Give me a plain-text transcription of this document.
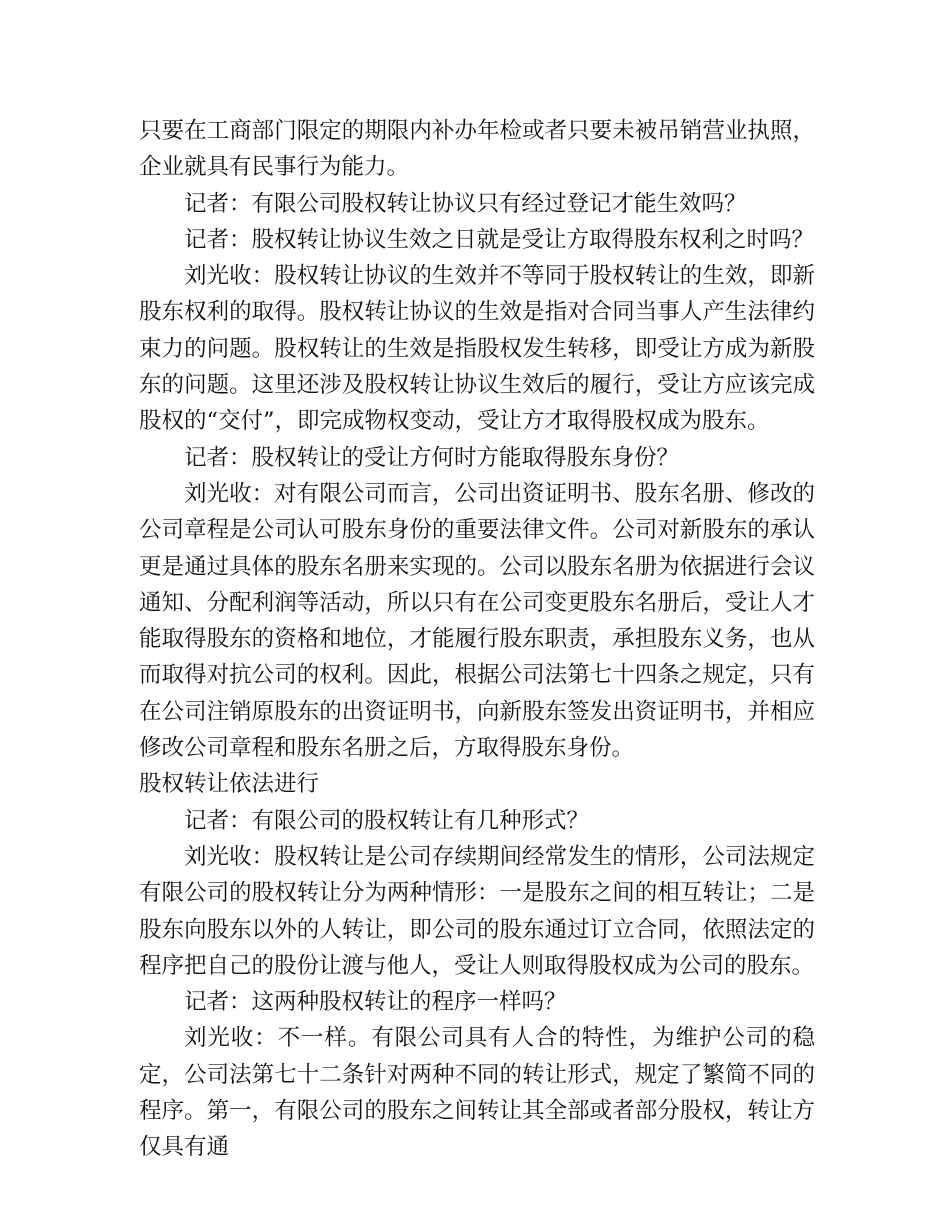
只要在工商部门限定的期限内补办年检或者只要未被吊销营业执照，企业就具有民事行为能力。

记者：有限公司股权转让协议只有经过登记才能生效吗？

记者：股权转让协议生效之日就是受让方取得股东权利之时吗？

刘光收：股权转让协议的生效并不等同于股权转让的生效，即新股东权利的取得。股权转让协议的生效是指对合同当事人产生法律约束力的问题。股权转让的生效是指股权发生转移，即受让方成为新股东的问题。这里还涉及股权转让协议生效后的履行，受让方应该完成股权的“交付”，即完成物权变动，受让方才取得股权成为股东。

记者：股权转让的受让方何时方能取得股东身份？

刘光收：对有限公司而言，公司出资证明书、股东名册、修改的公司章程是公司认可股东身份的重要法律文件。公司对新股东的承认更是通过具体的股东名册来实现的。公司以股东名册为依据进行会议通知、分配利润等活动，所以只有在公司变更股东名册后，受让人才能取得股东的资格和地位，才能履行股东职责，承担股东义务，也从而取得对抗公司的权利。因此，根据公司法第七十四条之规定，只有在公司注销原股东的出资证明书，向新股东签发出资证明书，并相应修改公司章程和股东名册之后，方取得股东身份。

股权转让依法进行

记者：有限公司的股权转让有几种形式？

刘光收：股权转让是公司存续期间经常发生的情形，公司法规定有限公司的股权转让分为两种情形：一是股东之间的相互转让；二是股东向股东以外的人转让，即公司的股东通过订立合同，依照法定的程序把自己的股份让渡与他人，受让人则取得股权成为公司的股东。

记者：这两种股权转让的程序一样吗？

刘光收：不一样。有限公司具有人合的特性，为维护公司的稳定，公司法第七十二条针对两种不同的转让形式，规定了繁简不同的程序。第一，有限公司的股东之间转让其全部或者部分股权，转让方仅具有通
